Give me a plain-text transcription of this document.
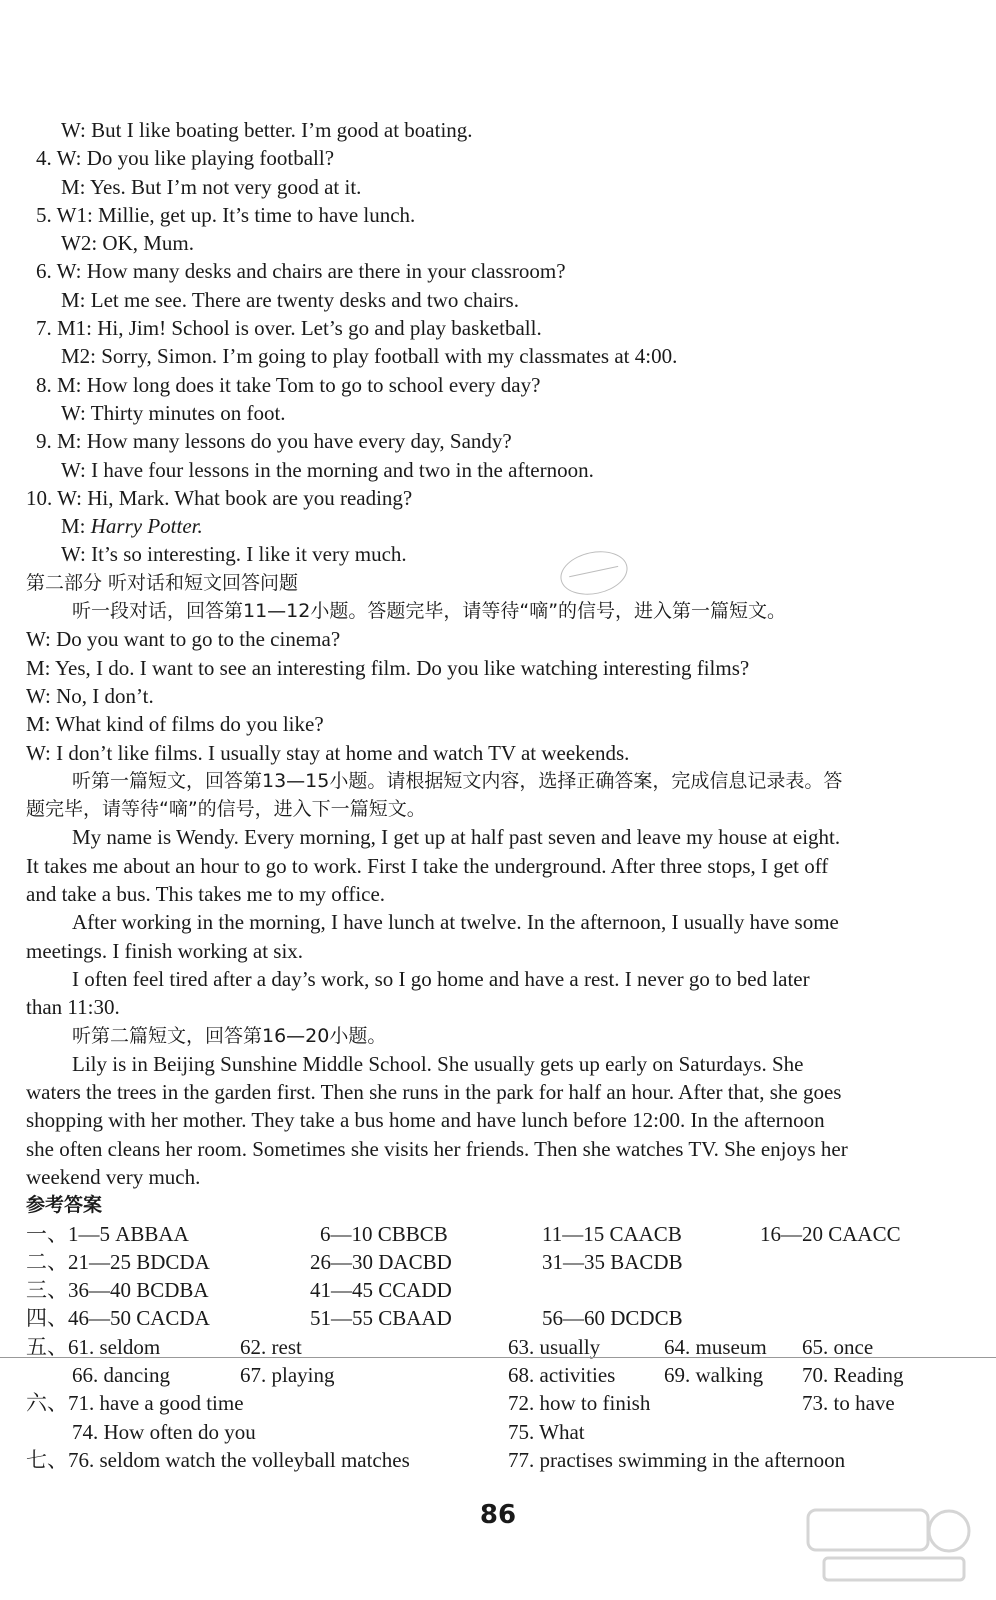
W: But I like boating better. I’m good at boating.
4. W: Do you like playing football?
M: Yes. But I’m not very good at it.
5. W1: Millie, get up. It’s time to have lunch.
W2: OK, Mum.
6. W: How many desks and chairs are there in your classroom?
M: Let me see. There are twenty desks and two chairs.
7. M1: Hi, Jim! School is over. Let’s go and play basketball.
M2: Sorry, Simon. I’m going to play football with my classmates at 4:00.
8. M: How long does it take Tom to go to school every day?
W: Thirty minutes on foot.
9. M: How many lessons do you have every day, Sandy?
W: I have four lessons in the morning and two in the afternoon.
10. W: Hi, Mark. What book are you reading?
M: Harry Potter.
W: It’s so interesting. I like it very much.
第二部分 听对话和短文回答问题
听一段对话，回答第11—12小题。答题完毕，请等待“嘀”的信号，进入第一篇短文。
W: Do you want to go to the cinema?
M: Yes, I do. I want to see an interesting film. Do you like watching interesting films?
W: No, I don’t.
M: What kind of films do you like?
W: I don’t like films. I usually stay at home and watch TV at weekends.
听第一篇短文，回答第13—15小题。请根据短文内容，选择正确答案，完成信息记录表。答
题完毕，请等待“嘀”的信号，进入下一篇短文。
My name is Wendy. Every morning, I get up at half past seven and leave my house at eight.
It takes me about an hour to go to work. First I take the underground. After three stops, I get off
and take a bus. This takes me to my office.
After working in the morning, I have lunch at twelve. In the afternoon, I usually have some
meetings. I finish working at six.
I often feel tired after a day’s work, so I go home and have a rest. I never go to bed later
than 11:30.
听第二篇短文，回答第16—20小题。
Lily is in Beijing Sunshine Middle School. She usually gets up early on Saturdays. She
waters the trees in the garden first. Then she runs in the park for half an hour. After that, she goes
shopping with her mother. They take a bus home and have lunch before 12:00. In the afternoon
she often cleans her room. Sometimes she visits her friends. Then she watches TV. She enjoys her
weekend very much.
参考答案
一、1—5 ABBAA	6—10 CBBCB	11—15 CAACB	16—20 CAACC
二、21—25 BDCDA	26—30 DACBD	31—35 BACDB
三、36—40 BCDBA	41—45 CCADD
四、46—50 CACDA	51—55 CBAAD	56—60 DCDCB
五、61. seldom	62. rest	63. usually	64. museum 65. once
66. dancing	67. playing	68. activities 69. walking 70. Reading
六、71. have a good time	72. how to finish	73. to have
74. How often do you	75. What
七、76. seldom watch the volleyball matches	77. practises swimming in the afternoon
86
